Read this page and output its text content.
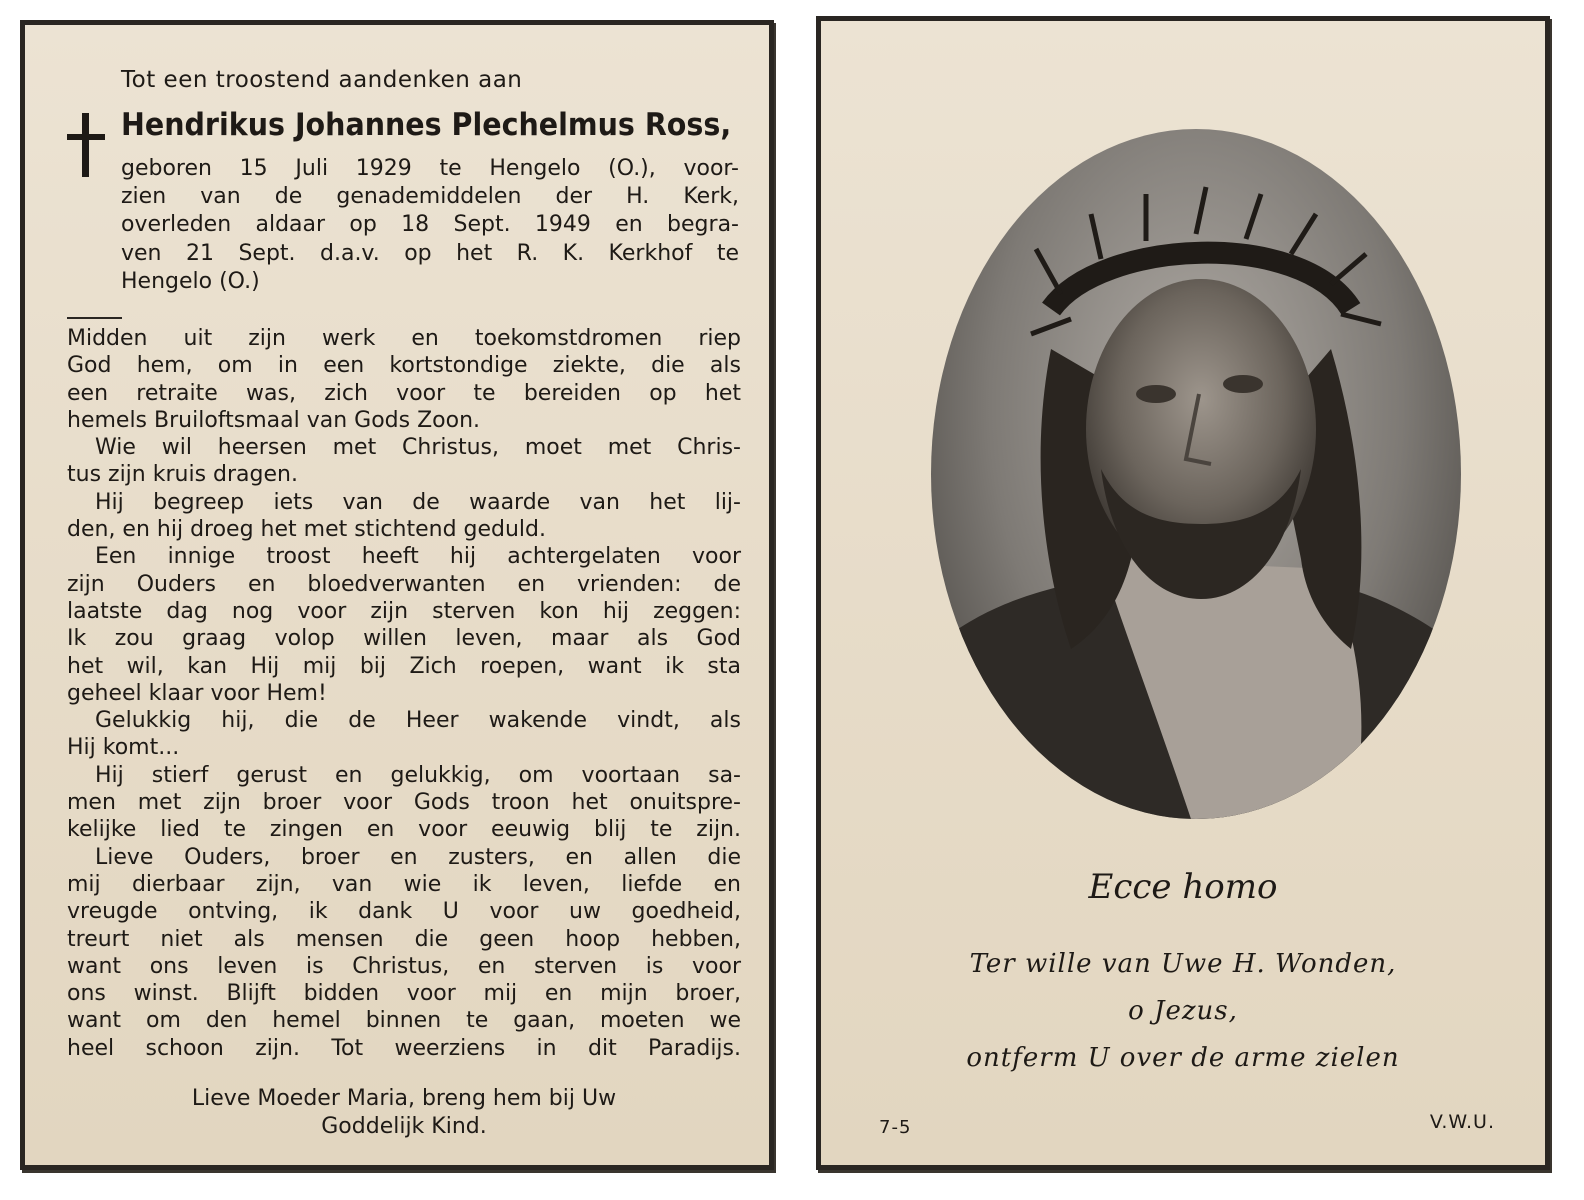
Tot een troostend aandenken aan
Hendrikus Johannes Plechelmus Ross,
geboren 15 Juli 1929 te Hengelo (O.), voor-
zien van de genademiddelen der H. Kerk,
overleden aldaar op 18 Sept. 1949 en begra-
ven 21 Sept. d.a.v. op het R. K. Kerkhof te
Hengelo (O.)
Midden uit zijn werk en toekomstdromen riep
God hem, om in een kortstondige ziekte, die als
een retraite was, zich voor te bereiden op het
hemels Bruiloftsmaal van Gods Zoon.
Wie wil heersen met Christus, moet met Chris-
tus zijn kruis dragen.
Hij begreep iets van de waarde van het lij-
den, en hij droeg het met stichtend geduld.
Een innige troost heeft hij achtergelaten voor
zijn Ouders en bloedverwanten en vrienden: de
laatste dag nog voor zijn sterven kon hij zeggen:
Ik zou graag volop willen leven, maar als God
het wil, kan Hij mij bij Zich roepen, want ik sta
geheel klaar voor Hem!
Gelukkig hij, die de Heer wakende vindt, als
Hij komt...
Hij stierf gerust en gelukkig, om voortaan sa-
men met zijn broer voor Gods troon het onuitspre-
kelijke lied te zingen en voor eeuwig blij te zijn.
Lieve Ouders, broer en zusters, en allen die
mij dierbaar zijn, van wie ik leven, liefde en
vreugde ontving, ik dank U voor uw goedheid,
treurt niet als mensen die geen hoop hebben,
want ons leven is Christus, en sterven is voor
ons winst. Blijft bidden voor mij en mijn broer,
want om den hemel binnen te gaan, moeten we
heel schoon zijn. Tot weerziens in dit Paradijs.
Lieve Moeder Maria, breng hem bij Uw
Goddelijk Kind.
Ecce homo
Ter wille van Uwe H. Wonden,
o Jezus,
ontferm U over de arme zielen
7-5	V.W.U.
